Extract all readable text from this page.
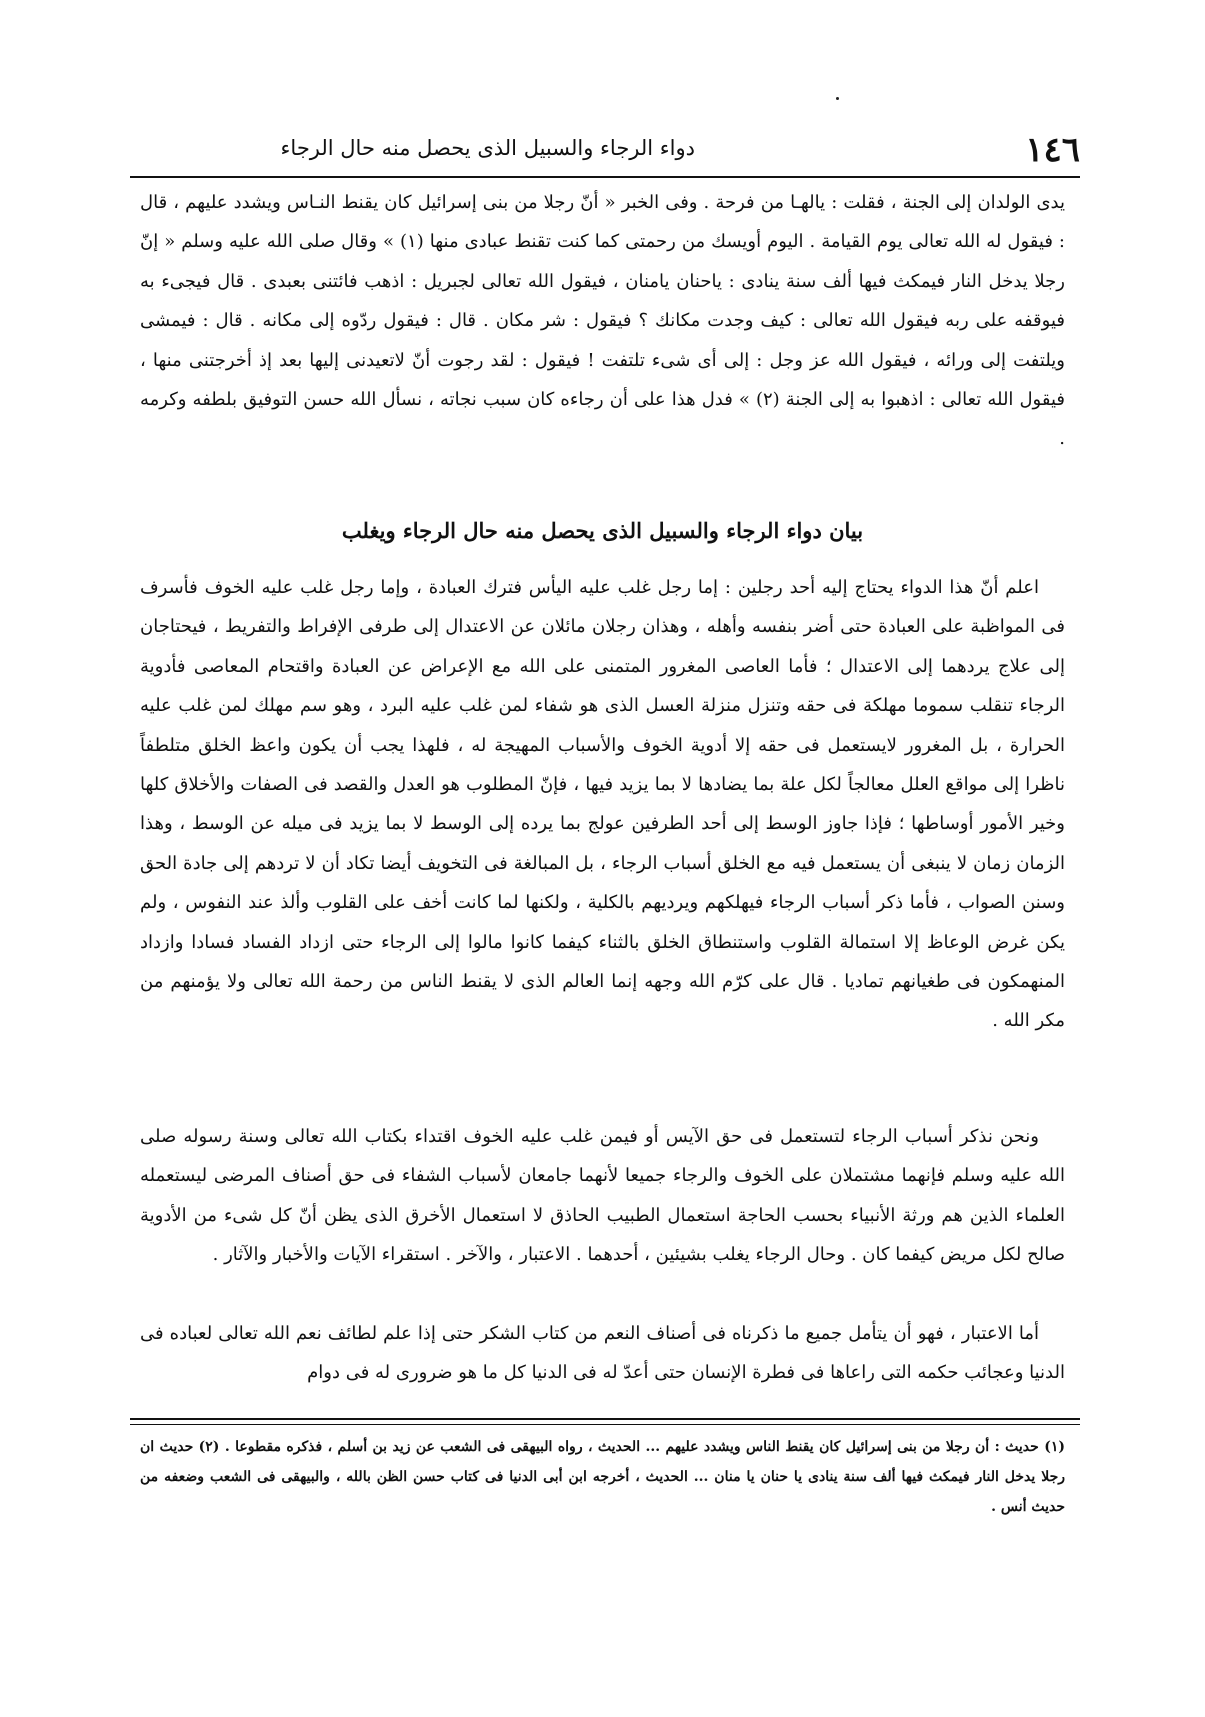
١٤٦
دواء الرجاء والسبيل الذى يحصل منه حال الرجاء

يدى الولدان إلى الجنة ، فقلت : يالهـا من فرحة . وفى الخبر « أنّ رجلا من بنى إسرائيل كان يقنط النـاس ويشدد عليهم ، قال : فيقول له الله تعالى يوم القيامة . اليوم أويسك من رحمتى كما كنت تقنط عبادى منها (١) » وقال صلى الله عليه وسلم « إنّ رجلا يدخل النار فيمكث فيها ألف سنة ينادى : ياحنان يامنان ، فيقول الله تعالى لجبريل : اذهب فائتنى بعبدى . قال فيجىء به فيوقفه على ربه فيقول الله تعالى : كيف وجدت مكانك ؟ فيقول : شر مكان . قال : فيقول ردّوه إلى مكانه . قال : فيمشى ويلتفت إلى ورائه ، فيقول الله عز وجل : إلى أى شىء تلتفت ! فيقول : لقد رجوت أنّ لاتعيدنى إليها بعد إذ أخرجتنى منها ، فيقول الله تعالى : اذهبوا به إلى الجنة (٢) » فدل هذا على أن رجاءه كان سبب نجاته ، نسأل الله حسن التوفيق بلطفه وكرمه .

بيان دواء الرجاء والسبيل الذى يحصل منه حال الرجاء ويغلب

اعلم أنّ هذا الدواء يحتاج إليه أحد رجلين : إما رجل غلب عليه اليأس فترك العبادة ، وإما رجل غلب عليه الخوف فأسرف فى المواظبة على العبادة حتى أضر بنفسه وأهله ، وهذان رجلان مائلان عن الاعتدال إلى طرفى الإفراط والتفريط ، فيحتاجان إلى علاج يردهما إلى الاعتدال ؛ فأما العاصى المغرور المتمنى على الله مع الإعراض عن العبادة واقتحام المعاصى فأدوية الرجاء تنقلب سموما مهلكة فى حقه وتنزل منزلة العسل الذى هو شفاء لمن غلب عليه البرد ، وهو سم مهلك لمن غلب عليه الحرارة ، بل المغرور لايستعمل فى حقه إلا أدوية الخوف والأسباب المهيجة له ، فلهذا يجب أن يكون واعظ الخلق متلطفاً ناظرا إلى مواقع العلل معالجاً لكل علة بما يضادها لا بما يزيد فيها ، فإنّ المطلوب هو العدل والقصد فى الصفات والأخلاق كلها وخير الأمور أوساطها ؛ فإذا جاوز الوسط إلى أحد الطرفين عولج بما يرده إلى الوسط لا بما يزيد فى ميله عن الوسط ، وهذا الزمان زمان لا ينبغى أن يستعمل فيه مع الخلق أسباب الرجاء ، بل المبالغة فى التخويف أيضا تكاد أن لا تردهم إلى جادة الحق وسنن الصواب ، فأما ذكر أسباب الرجاء فيهلكهم ويرديهم بالكلية ، ولكنها لما كانت أخف على القلوب وألذ عند النفوس ، ولم يكن غرض الوعاظ إلا استمالة القلوب واستنطاق الخلق بالثناء كيفما كانوا مالوا إلى الرجاء حتى ازداد الفساد فسادا وازداد المنهمكون فى طغيانهم تماديا . قال على كرّم الله وجهه إنما العالم الذى لا يقنط الناس من رحمة الله تعالى ولا يؤمنهم من مكر الله .

ونحن نذكر أسباب الرجاء لتستعمل فى حق الآيس أو فيمن غلب عليه الخوف اقتداء بكتاب الله تعالى وسنة رسوله صلى الله عليه وسلم فإنهما مشتملان على الخوف والرجاء جميعا لأنهما جامعان لأسباب الشفاء فى حق أصناف المرضى ليستعمله العلماء الذين هم ورثة الأنبياء بحسب الحاجة استعمال الطبيب الحاذق لا استعمال الأخرق الذى يظن أنّ كل شىء من الأدوية صالح لكل مريض كيفما كان . وحال الرجاء يغلب بشيئين ، أحدهما . الاعتبار ، والآخر . استقراء الآيات والأخبار والآثار .

أما الاعتبار ، فهو أن يتأمل جميع ما ذكرناه فى أصناف النعم من كتاب الشكر حتى إذا علم لطائف نعم الله تعالى لعباده فى الدنيا وعجائب حكمه التى راعاها فى فطرة الإنسان حتى أعدّ له فى الدنيا كل ما هو ضرورى له فى دوام

(١) حديث : أن رجلا من بنى إسرائيل كان يقنط الناس ويشدد عليهم ... الحديث ، رواه البيهقى فى الشعب عن زيد بن أسلم ، فذكره مقطوعا . (٢) حديث ان رجلا يدخل النار فيمكث فيها ألف سنة ينادى يا حنان يا منان ... الحديث ، أخرجه ابن أبى الدنيا فى كتاب حسن الظن بالله ، والبيهقى فى الشعب وضعفه من حديث أنس .
